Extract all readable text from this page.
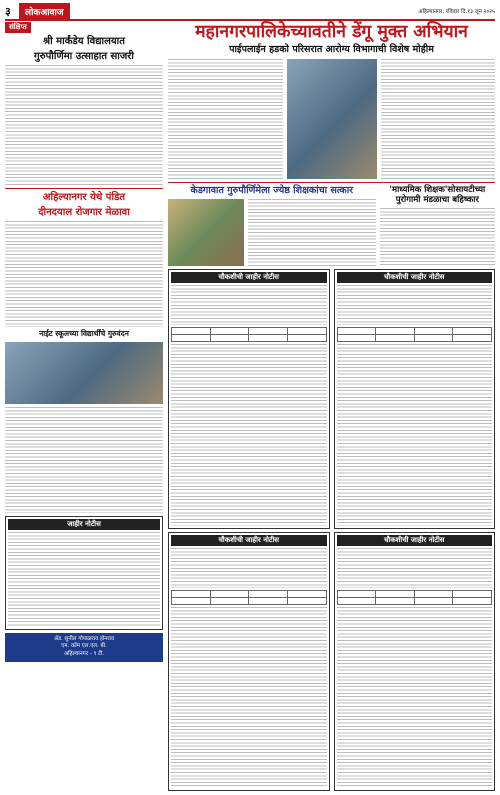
३	लोकआवाज	अहिल्यानगर, रविवार दि.१३ जून २०२५
संक्षिप्त
श्री मार्कंडेय विद्यालयात
गुरुपौर्णिमा उत्साहात साजरी
अहिल्यानगर येथे पंडित
दीनदयाल रोजगार मेळावा
नाईट स्कूलच्या विद्यार्थींचे गुरुवंदन
जाहीर नोटीस
ॲड. सुनील गोपाळराव होनराव
एम. कॉम एल.एल. बी.
अहिल्यानगर - ९ टी.
महानगरपालिकेच्यावतीने डेंगू मुक्त अभियान
पाईपलाईन हडको परिसरात आरोग्य विभागाची विशेष मोहीम
केडगावात गुरुपौर्णिमेला ज्येष्ठ शिक्षकांचा सत्कार	'माध्यमिक शिक्षक'सोसायटीच्या पुरोगामी मंडळाचा बहिष्कार
चौकशीची जाहीर नोटीस

चौकशीची जाहीर नोटीस

चौकशीची जाहीर नोटीस

चौकशीची जाहीर नोटीस
